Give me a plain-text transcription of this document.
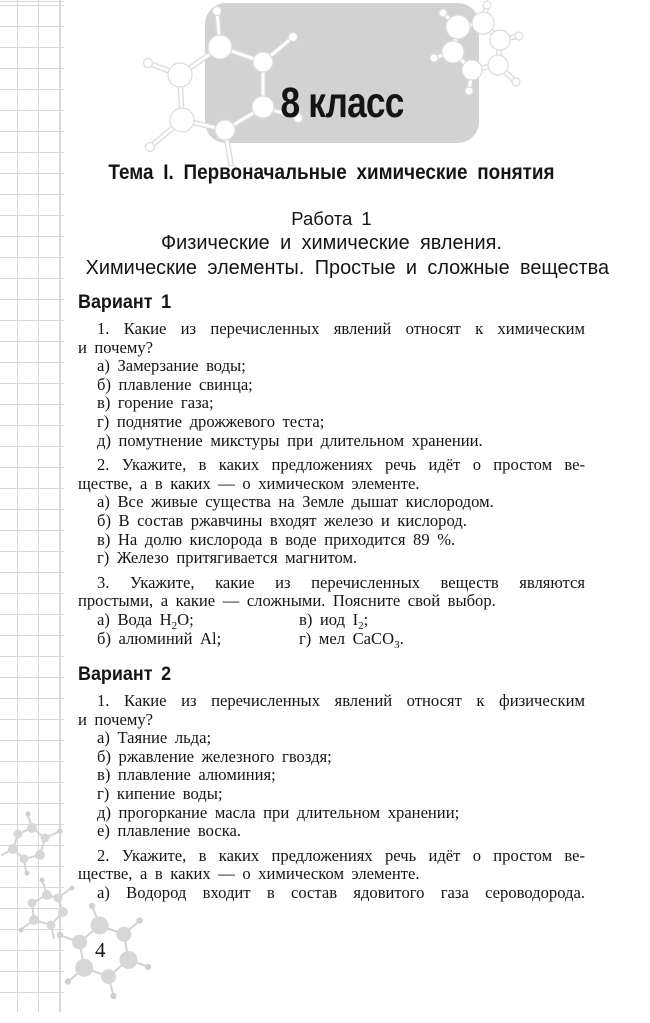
8 класс
Тема I. Первоначальные химические понятия
Работа 1
Физические и химические явления.
Химические элементы. Простые и сложные вещества
Вариант 1
1. Какие из перечисленных явлений относят к химическим
и почему?
а) Замерзание воды;
б) плавление свинца;
в) горение газа;
г) поднятие дрожжевого теста;
д) помутнение микстуры при длительном хранении.
2. Укажите, в каких предложениях речь идёт о простом ве-
ществе, а в каких — о химическом элементе.
а) Все живые существа на Земле дышат кислородом.
б) В состав ржавчины входят железо и кислород.
в) На долю кислорода в воде приходится 89 %.
г) Железо притягивается магнитом.
3. Укажите, какие из перечисленных веществ являются
простыми, а какие — сложными. Поясните свой выбор.
а) Вода $H_2O$;	в) иод $I_2$;
б) алюминий Al;	г) мел CaCO$_3$.
Вариант 2
1. Какие из перечисленных явлений относят к физическим
и почему?
а) Таяние льда;
б) ржавление железного гвоздя;
в) плавление алюминия;
г) кипение воды;
д) прогоркание масла при длительном хранении;
е) плавление воска.
2. Укажите, в каких предложениях речь идёт о простом ве-
ществе, а в каких — о химическом элементе.
а) Водород входит в состав ядовитого газа сероводорода.
4
